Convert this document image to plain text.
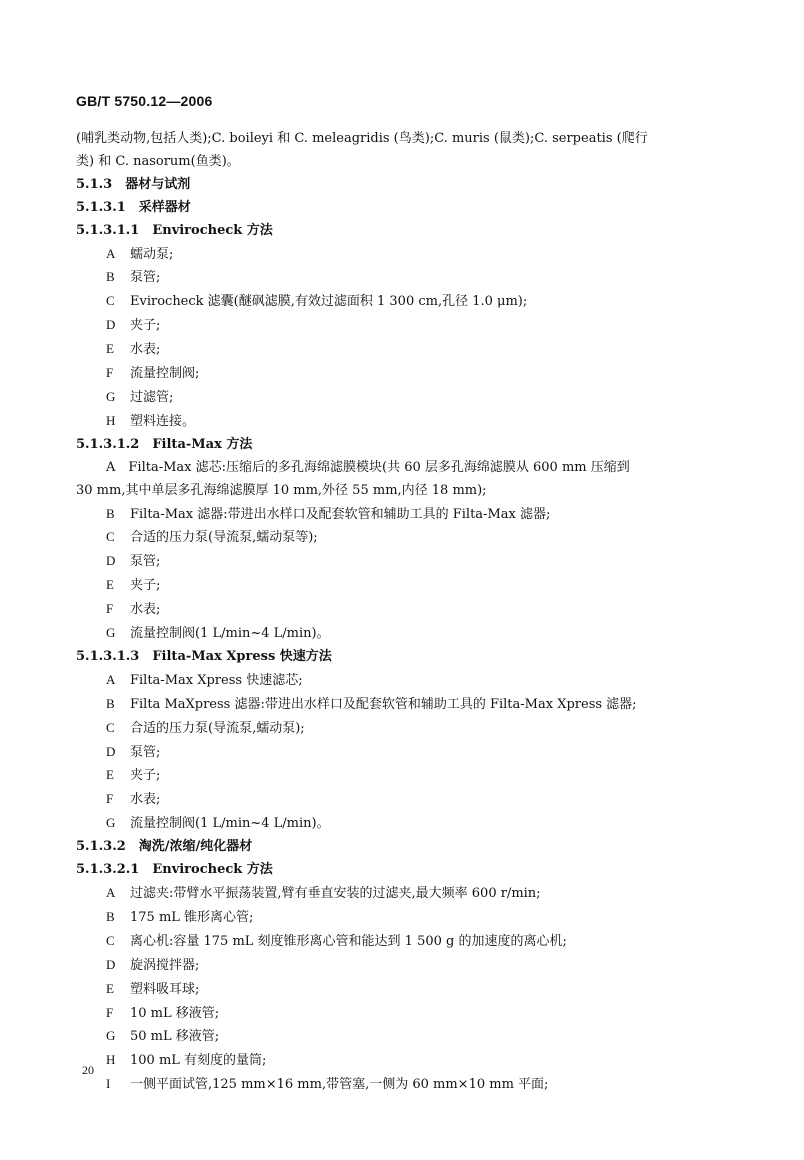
GB/T 5750.12—2006
(哺乳类动物,包括人类);C. boileyi 和 C. meleagridis (鸟类);C. muris (鼠类);C. serpeatis (爬行
类) 和 C. nasorum(鱼类)。
5.1.3　器材与试剂
5.1.3.1　采样器材
5.1.3.1.1　Envirocheck 方法
A 蠕动泵;
B 泵管;
C Evirocheck 滤囊(醚砜滤膜,有效过滤面积 1 300 cm,孔径 1.0 μm);
D 夹子;
E 水表;
F 流量控制阀;
G 过滤管;
H 塑料连接。
5.1.3.1.2　Filta-Max 方法
A　Filta-Max 滤芯:压缩后的多孔海绵滤膜模块(共 60 层多孔海绵滤膜从 600 mm 压缩到
30 mm,其中单层多孔海绵滤膜厚 10 mm,外径 55 mm,内径 18 mm);
B Filta-Max 滤器:带进出水样口及配套软管和辅助工具的 Filta-Max 滤器;
C 合适的压力泵(导流泵,蠕动泵等);
D 泵管;
E 夹子;
F 水表;
G 流量控制阀(1 L/min~4 L/min)。
5.1.3.1.3　Filta-Max Xpress 快速方法
A Filta-Max Xpress 快速滤芯;
B Filta MaXpress 滤器:带进出水样口及配套软管和辅助工具的 Filta-Max Xpress 滤器;
C 合适的压力泵(导流泵,蠕动泵);
D 泵管;
E 夹子;
F 水表;
G 流量控制阀(1 L/min~4 L/min)。
5.1.3.2　淘洗/浓缩/纯化器材
5.1.3.2.1　Envirocheck 方法
A 过滤夹:带臂水平振荡装置,臂有垂直安装的过滤夹,最大频率 600 r/min;
B 175 mL 锥形离心管;
C 离心机:容量 175 mL 刻度锥形离心管和能达到 1 500 g 的加速度的离心机;
D 旋涡搅拌器;
E 塑料吸耳球;
F 10 mL 移液管;
G 50 mL 移液管;
H 100 mL 有刻度的量筒;
I 一侧平面试管,125 mm×16 mm,带管塞,一侧为 60 mm×10 mm 平面;
20
